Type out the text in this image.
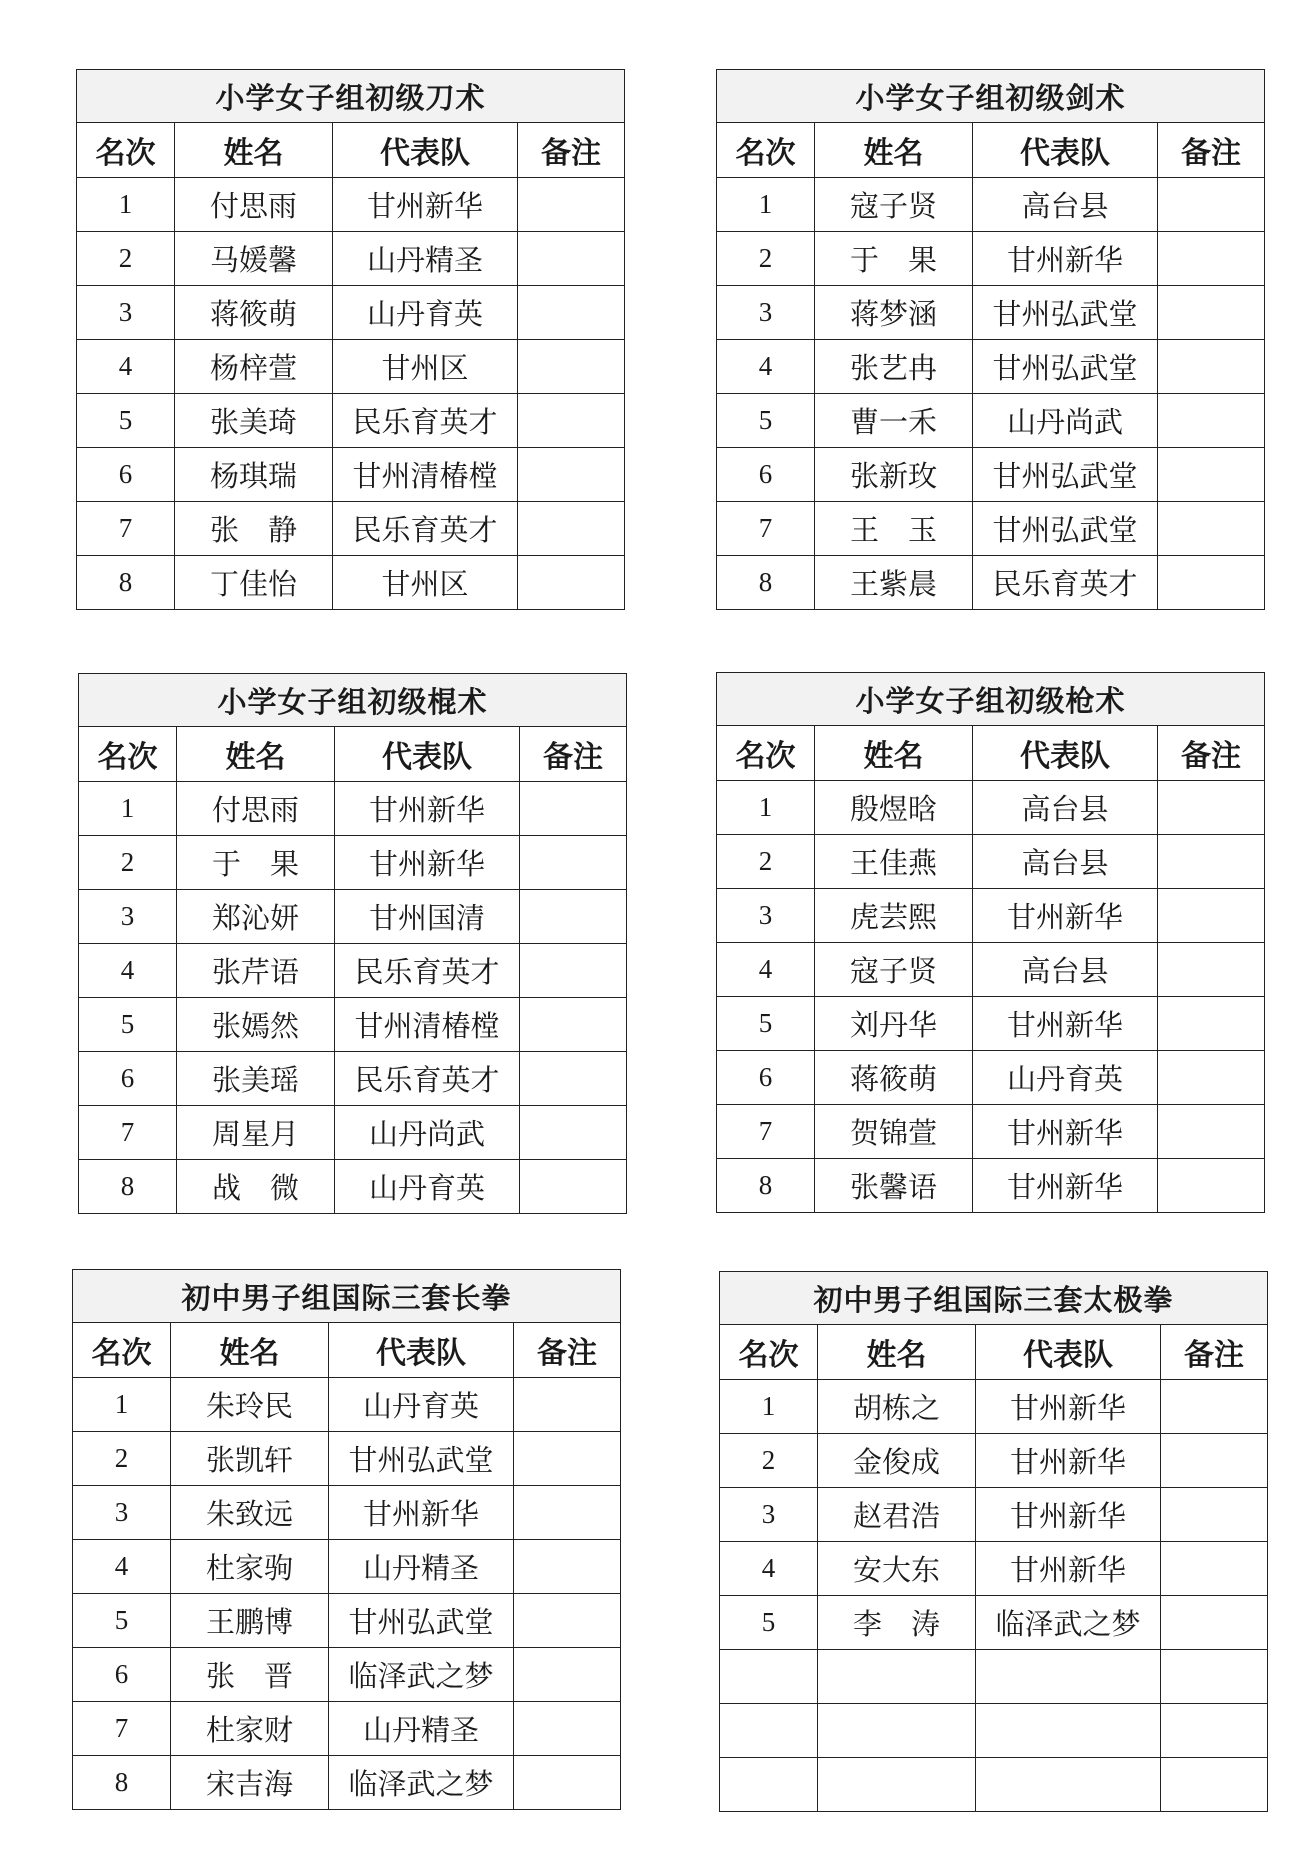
小学女子组初级刀术			
名次	姓名	代表队	备注
1	付思雨	甘州新华	
2	马媛馨	山丹精圣	
3	蒋筱萌	山丹育英	
4	杨梓萱	甘州区	
5	张美琦	民乐育英才	
6	杨琪瑞	甘州清椿樘	
7	张　静	民乐育英才	
8	丁佳怡	甘州区	
小学女子组初级剑术			
名次	姓名	代表队	备注
1	寇子贤	高台县	
2	于　果	甘州新华	
3	蒋梦涵	甘州弘武堂	
4	张艺冉	甘州弘武堂	
5	曹一禾	山丹尚武	
6	张新玫	甘州弘武堂	
7	王　玉	甘州弘武堂	
8	王紫晨	民乐育英才	
小学女子组初级棍术			
名次	姓名	代表队	备注
1	付思雨	甘州新华	
2	于　果	甘州新华	
3	郑沁妍	甘州国清	
4	张芹语	民乐育英才	
5	张嫣然	甘州清椿樘	
6	张美瑶	民乐育英才	
7	周星月	山丹尚武	
8	战　微	山丹育英	
小学女子组初级枪术			
名次	姓名	代表队	备注
1	殷煜晗	高台县	
2	王佳燕	高台县	
3	虎芸熙	甘州新华	
4	寇子贤	高台县	
5	刘丹华	甘州新华	
6	蒋筱萌	山丹育英	
7	贺锦萱	甘州新华	
8	张馨语	甘州新华	
初中男子组国际三套长拳			
名次	姓名	代表队	备注
1	朱玲民	山丹育英	
2	张凯轩	甘州弘武堂	
3	朱致远	甘州新华	
4	杜家驹	山丹精圣	
5	王鹏博	甘州弘武堂	
6	张　晋	临泽武之梦	
7	杜家财	山丹精圣	
8	宋吉海	临泽武之梦	
初中男子组国际三套太极拳			
名次	姓名	代表队	备注
1	胡栋之	甘州新华	
2	金俊成	甘州新华	
3	赵君浩	甘州新华	
4	安大东	甘州新华	
5	李　涛	临泽武之梦	
